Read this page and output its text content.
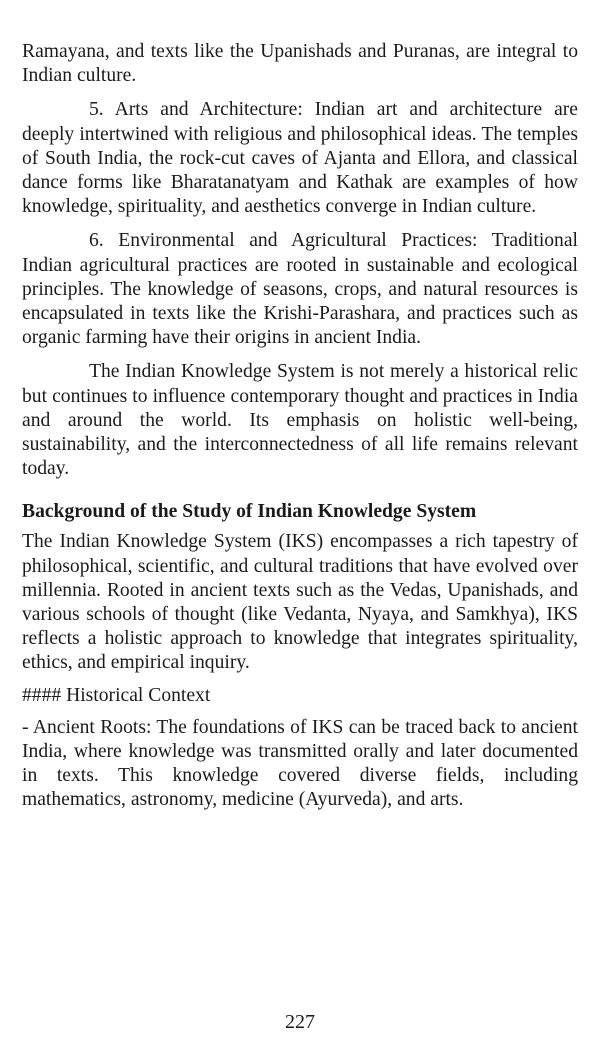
Ramayana, and texts like the Upanishads and Puranas, are integral to Indian culture.

5. Arts and Architecture: Indian art and architecture are deeply intertwined with religious and philosophical ideas. The temples of South India, the rock-cut caves of Ajanta and Ellora, and classical dance forms like Bharatanatyam and Kathak are examples of how knowledge, spirituality, and aesthetics converge in Indian culture.

6. Environmental and Agricultural Practices: Traditional Indian agricultural practices are rooted in sustainable and ecological principles. The knowledge of seasons, crops, and natural resources is encapsulated in texts like the Krishi-Parashara, and practices such as organic farming have their origins in ancient India.

The Indian Knowledge System is not merely a historical relic but continues to influence contemporary thought and practices in India and around the world. Its emphasis on holistic well-being, sustainability, and the interconnectedness of all life remains relevant today.

Background of the Study of Indian Knowledge System

The Indian Knowledge System (IKS) encompasses a rich tapestry of philosophical, scientific, and cultural traditions that have evolved over millennia. Rooted in ancient texts such as the Vedas, Upanishads, and various schools of thought (like Vedanta, Nyaya, and Samkhya), IKS reflects a holistic approach to knowledge that integrates spirituality, ethics, and empirical inquiry.

#### Historical Context

- Ancient Roots: The foundations of IKS can be traced back to ancient India, where knowledge was transmitted orally and later documented in texts. This knowledge covered diverse fields, including mathematics, astronomy, medicine (Ayurveda), and arts.

227
